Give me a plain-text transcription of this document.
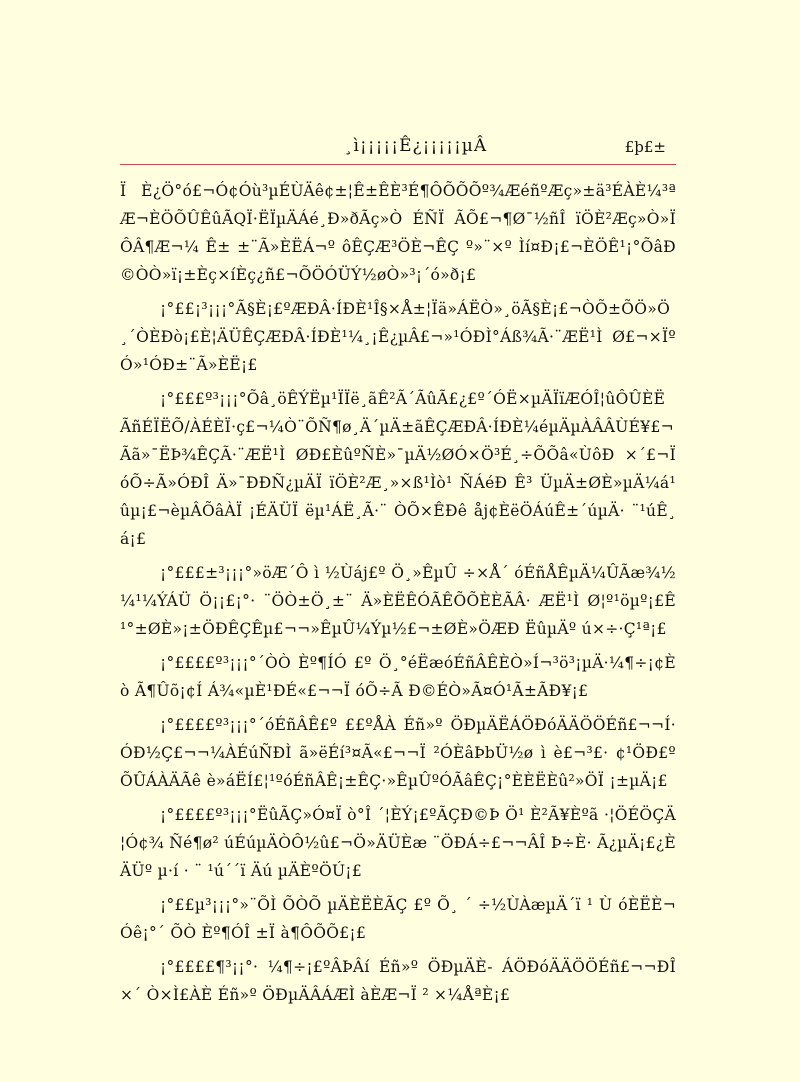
¸ì¡¡¡¡¡Ê¿¡¡¡¡¡µÂ	£þ£±

Ï È¿Ö°ó£¬Ó¢Óù³µÉÙÄê¢±¦Ê±ÊÈ³É¶ÔÕÕÕº¾ÆéñºÆç»±ä³ÉÀÈ¼³ªÆ¬ÈÖÕÛÊûÃQÏ·ËÏµÄÁé¸Ð»ðÃç»Ò ÉÑÏ ÃÕ£¬¶Ø¯½ñÎ ïÖÈ²Æç»Ò»Ï ÔÂ¶Æ¬¼ Ê± ±¨Ã»ÈËÁ¬º ôÊÇÆ³ÖÈ¬ÊÇ º»¨×º Ìí¤Ð¡£¬ÈÖÊ¹¡°ÕâÐ©ÒÒ»ï¡±Èç×íÈç¿ñ£¬ÕÖÓÜÝ½øÒ»³¡´ó»ð¡£

¡°££¡³¡¡¡°Ã§È¡£ºÆÐÂ·ÍÐÈ¹Î§×Å±¦Ïä»ÁËÒ»¸öÃ§È¡£¬ÒÕ±ÕÖ»Ö¸´ÒÈÐò¡£È¦ÄÜÊÇÆÐÂ·ÍÐÈ¹¼¸¡Ê¿µÂ£¬»¹ÓÐÌ°Áß¾Ã·¨ÆË¹Ì Ø£¬×ÏºÓ»¹ÓÐ±¨Ã»ÈË¡£

¡°£££º³¡¡¡°Õâ¸öÊÝËµ¹ÏÏë¸ãÊ²Ã´ÃûÃ£¿£º´ÓË×µÄÏïÆÓÎ¦ûÔÛÈËÃñÉÏËÕ/ÀÉÈÏ·ç£¬¼Ò¨ÕÑ¶ø¸Ä´µÄ±ãÊÇÆÐÂ·ÍÐÈ¼éµÄµÀÂÂÙÉ¥£¬Ãã»¯ËÞ¾ÊÇÃ·¨ÆË¹Ì ØÐ£ÈûºÑÈ»¯µÄ½ØÓ×Ö³É¸÷ÕÕâ«ÙôÐ ×´£¬Ï óÕ÷Ã»ÓÐÎ Ä»¯ÐÐÑ¿µÄÏ ïÖÈ²Æ¸»×ß¹Ìò¹ ÑÁéÐ Ê³ ÜµÄ±ØÈ»µÄ¼á¹ûµ¡£¬èµÂÕâÀÏ ¡ÉÄÜÏ ëµ¹ÁË¸Ã·¨ ÒÕ×ÊÐê åj¢ÈëÖÁúÊ±´úµÄ· ¨¹úÊ¸á¡£

¡°£££±³¡¡¡°»öÆ´Ô ì ½Ùáj£º Ö¸»ÊµÛ ÷×Å´ óÉñÅÊµÄ¼ÛÃæ¾½¼¹¼ÝÁÜ Ö¡¡£¡°· ¨ÖÒ±Ö¸±¨ Ä»ÈËÊÓÃÊÕÕÈÈÃÂ· ÆË¹Ì Ø¦º¹öµº¡£Ê¹°±ØÈ»¡±ÖÐÊÇÊµ£¬¬»ÊµÛ¼Ýµ½£¬±ØÈ»ÖÆÐ ËûµÄº ú×÷·Ç¹ª¡£

¡°££££º³¡¡¡°´ÒÒ Èº¶ÍÓ £º Ö¸°éËæóÉñÂÊÈÒ»Í¬³ö³¡µÄ·¼¶÷¡¢Èò Ã¶Ûõ¡¢Í Á¾«µÈ¹ÐÉ«£¬¬Ï óÕ÷Ã Ð©ÉÒ»Ã¤Ó¹Ã±ÃÐ¥¡£

¡°££££º³¡¡¡°´óÉñÂÊ£º ££ºÅÀ Éñ»º ÖÐµÄËÁÖÐóÄÄÖÖÉñ£¬¬Í· ÓÐ½Ç£¬¬¼ÀÉúÑÐÌ ã»ëÉí³¤Ã«£¬¬Ï ²ÓÈâÞbÜ½ø ì è£¬³£· ¢¹ÖÐ£ºÕÛÁÀÄÃê è»áËÍ£¦¹ºóÉñÂÊ¡±ÊÇ·»ÊµÛºÓÃâÊÇ¡°ÈÈËÈû²»ÖÏ ¡±µÄ¡£

¡°££££º³¡¡¡°ËûÃÇ»Ó¤Ï ò°Î ´¦ÈÝ¡£ºÃÇÐ©Þ Ö¹ È²Ã¥Èºã ·¦ÖÉÖÇÄ¦Ó¢¾ Ñé¶ø² úÉúµÄÒÔ½û£¬Ö»ÄÜÈæ ¨ÖÐÁ÷£¬¬ÂÎ Þ÷È· Ã¿µÄ¡£¿ÈÄÜº µ·í · ¨ ¹ú´´ï Äú µÄÈºÖÚ¡£

¡°££µ³¡¡¡°»¨ÕÌ ÕÒÕ µÄÈËÈÃÇ £º Õ¸ ´ ÷½ÙÀæµÄ´ï ¹ Ù óÈËÈ¬Óê¡°´ ÕÒ Èº¶ÓÎ ±Ï à¶ÔÕÕ£¡£

¡°££££¶³¡¡°· ¼¶÷¡£ºÂÞÂí Éñ»º ÖÐµÄÈ- ÁÖÐóÄÄÖÖÉñ£¬¬ÐÎ ×´ Ò×Ì£ÀÈ Éñ»º ÖÐµÄÂÁÆÌ àÈÆ¬Ï ² ×¼ÅªÈ¡£
